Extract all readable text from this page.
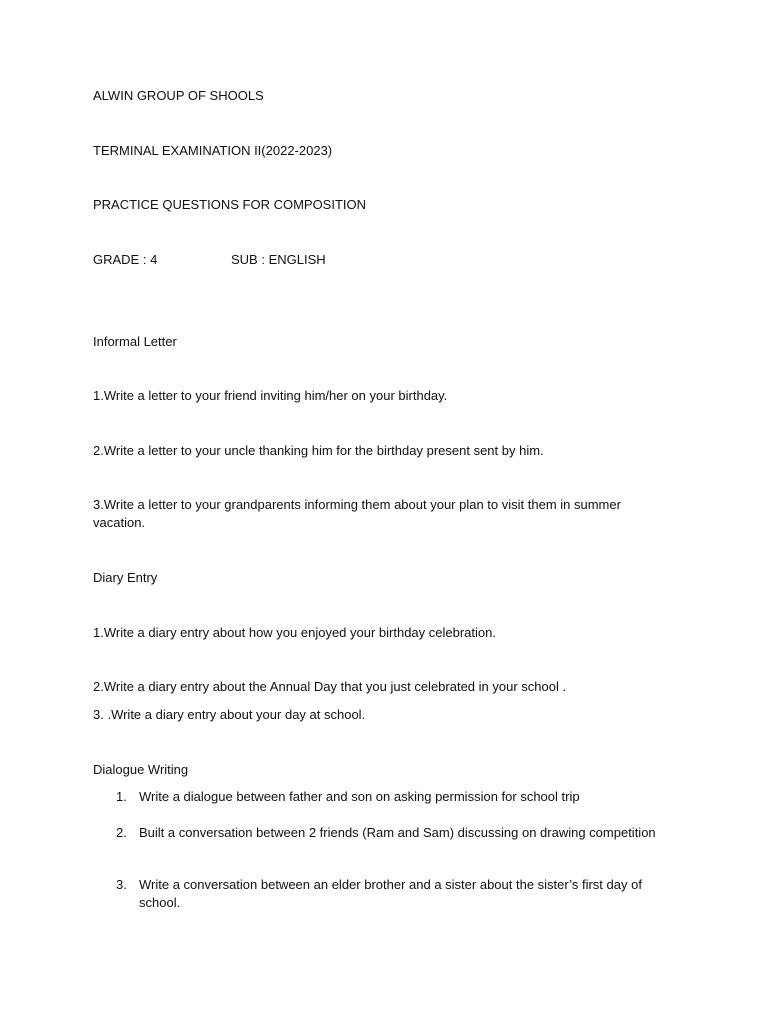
ALWIN GROUP OF SHOOLS
TERMINAL EXAMINATION II(2022-2023)
PRACTICE QUESTIONS FOR COMPOSITION
GRADE : 4	SUB : ENGLISH
Informal Letter
1.Write a letter to your friend inviting him/her on your birthday.
2.Write a letter to your uncle thanking him for the birthday present sent by him.
3.Write a letter to your grandparents informing them about your plan to visit them in summer vacation.
Diary Entry
1.Write a diary entry about how you enjoyed your birthday celebration.
2.Write a diary entry about the Annual Day that you just celebrated in your school .
3. .Write a diary entry about your day at school.
Dialogue Writing
1. Write a dialogue between father and son on asking permission for school trip
2. Built a conversation between 2 friends (Ram and Sam) discussing on drawing competition
3. Write a conversation between an elder brother and a sister about the sister’s first day of school.
